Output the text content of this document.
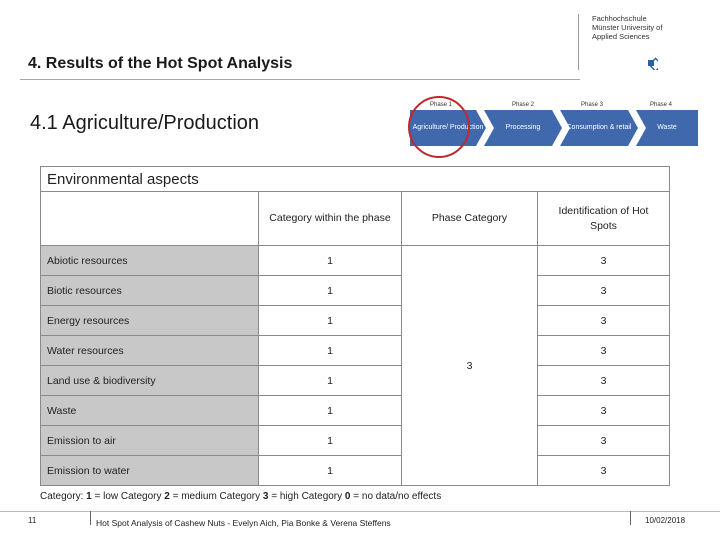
Fachhochschule
Münster University of
Applied Sciences
4. Results of the Hot Spot Analysis
4.1 Agriculture/Production
Phase 1	Phase 2	Phase 3	Phase 4
Agriculture/ Production	Processing	Consumption & retail	Waste
Environmental aspects			
	Category within the phase	Phase Category	Identification of Hot Spots
Abiotic resources	1	3	3
Biotic resources	1		3
Energy resources	1		3
Water resources	1		3
Land use & biodiversity	1		3
Waste	1		3
Emission to air	1		3
Emission to water	1		3
Category: 1 = low Category 2 = medium Category 3 = high Category 0 = no data/no effects
11	Hot Spot Analysis of Cashew Nuts - Evelyn Aich, Pia Bonke & Verena Steffens	10/02/2018
